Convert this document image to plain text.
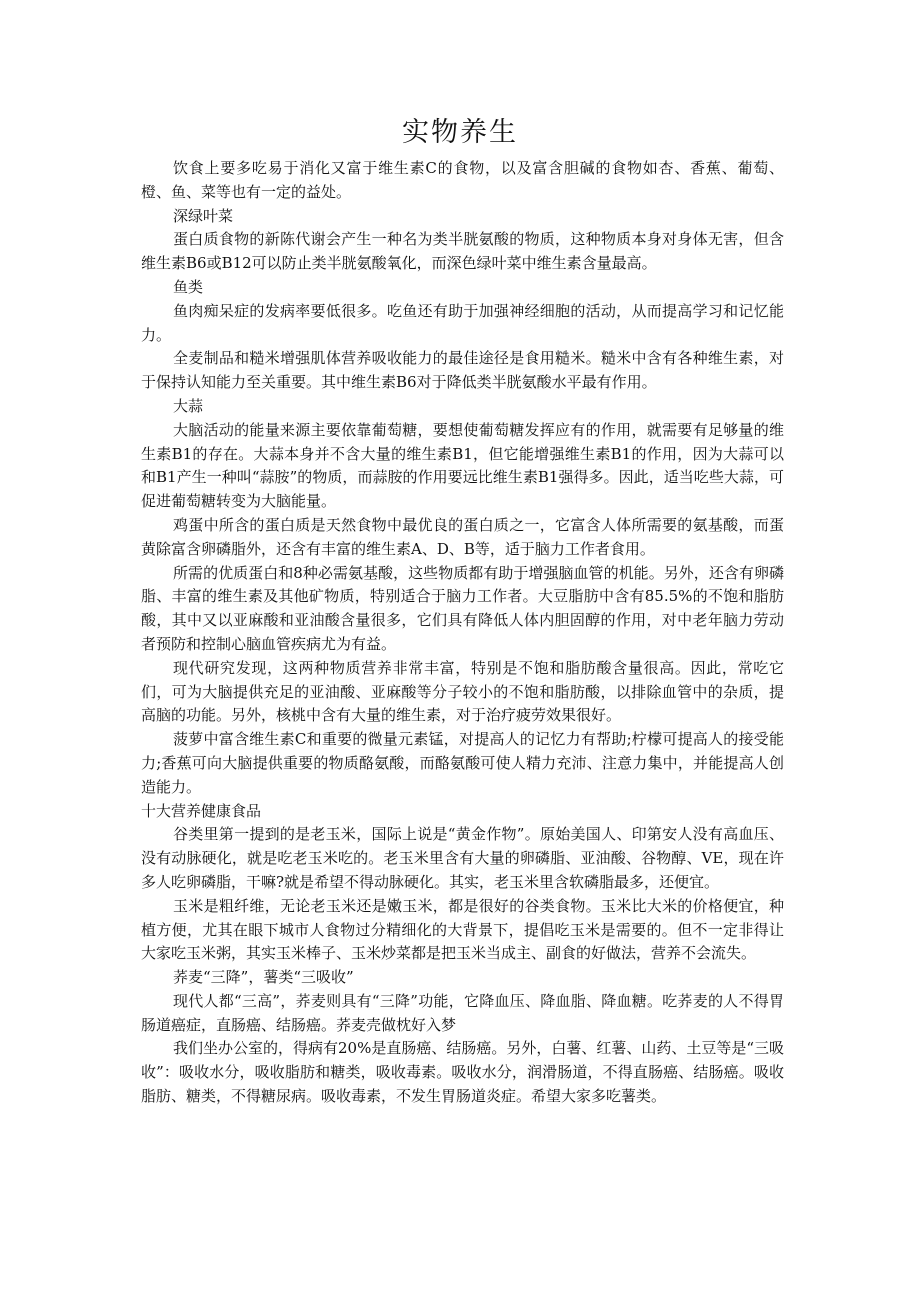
实物养生

饮食上要多吃易于消化又富于维生素C的食物，以及富含胆碱的食物如杏、香蕉、葡萄、橙、鱼、菜等也有一定的益处。

深绿叶菜

蛋白质食物的新陈代谢会产生一种名为类半胱氨酸的物质，这种物质本身对身体无害，但含维生素B6或B12可以防止类半胱氨酸氧化，而深色绿叶菜中维生素含量最高。

鱼类

鱼肉痴呆症的发病率要低很多。吃鱼还有助于加强神经细胞的活动，从而提高学习和记忆能力。

全麦制品和糙米增强肌体营养吸收能力的最佳途径是食用糙米。糙米中含有各种维生素，对于保持认知能力至关重要。其中维生素B6对于降低类半胱氨酸水平最有作用。

大蒜

大脑活动的能量来源主要依靠葡萄糖，要想使葡萄糖发挥应有的作用，就需要有足够量的维生素B1的存在。大蒜本身并不含大量的维生素B1，但它能增强维生素B1的作用，因为大蒜可以和B1产生一种叫“蒜胺”的物质，而蒜胺的作用要远比维生素B1强得多。因此，适当吃些大蒜，可促进葡萄糖转变为大脑能量。

鸡蛋中所含的蛋白质是天然食物中最优良的蛋白质之一，它富含人体所需要的氨基酸，而蛋黄除富含卵磷脂外，还含有丰富的维生素A、D、B等，适于脑力工作者食用。

所需的优质蛋白和8种必需氨基酸，这些物质都有助于增强脑血管的机能。另外，还含有卵磷脂、丰富的维生素及其他矿物质，特别适合于脑力工作者。大豆脂肪中含有85.5%的不饱和脂肪酸，其中又以亚麻酸和亚油酸含量很多，它们具有降低人体内胆固醇的作用，对中老年脑力劳动者预防和控制心脑血管疾病尤为有益。

现代研究发现，这两种物质营养非常丰富，特别是不饱和脂肪酸含量很高。因此，常吃它们，可为大脑提供充足的亚油酸、亚麻酸等分子较小的不饱和脂肪酸，以排除血管中的杂质，提高脑的功能。另外，核桃中含有大量的维生素，对于治疗疲劳效果很好。

菠萝中富含维生素C和重要的微量元素锰，对提高人的记忆力有帮助;柠檬可提高人的接受能力;香蕉可向大脑提供重要的物质酪氨酸，而酪氨酸可使人精力充沛、注意力集中，并能提高人创造能力。

十大营养健康食品

谷类里第一提到的是老玉米，国际上说是“黄金作物”。原始美国人、印第安人没有高血压、没有动脉硬化，就是吃老玉米吃的。老玉米里含有大量的卵磷脂、亚油酸、谷物醇、VE，现在许多人吃卵磷脂，干嘛?就是希望不得动脉硬化。其实，老玉米里含软磷脂最多，还便宜。

玉米是粗纤维，无论老玉米还是嫩玉米，都是很好的谷类食物。玉米比大米的价格便宜，种植方便，尤其在眼下城市人食物过分精细化的大背景下，提倡吃玉米是需要的。但不一定非得让大家吃玉米粥，其实玉米棒子、玉米炒菜都是把玉米当成主、副食的好做法，营养不会流失。

荞麦“三降”，薯类“三吸收”

现代人都“三高”，荞麦则具有“三降”功能，它降血压、降血脂、降血糖。吃荞麦的人不得胃肠道癌症，直肠癌、结肠癌。荞麦壳做枕好入梦

我们坐办公室的，得病有20%是直肠癌、结肠癌。另外，白薯、红薯、山药、土豆等是“三吸收”：吸收水分，吸收脂肪和糖类，吸收毒素。吸收水分，润滑肠道，不得直肠癌、结肠癌。吸收脂肪、糖类，不得糖尿病。吸收毒素，不发生胃肠道炎症。希望大家多吃薯类。
